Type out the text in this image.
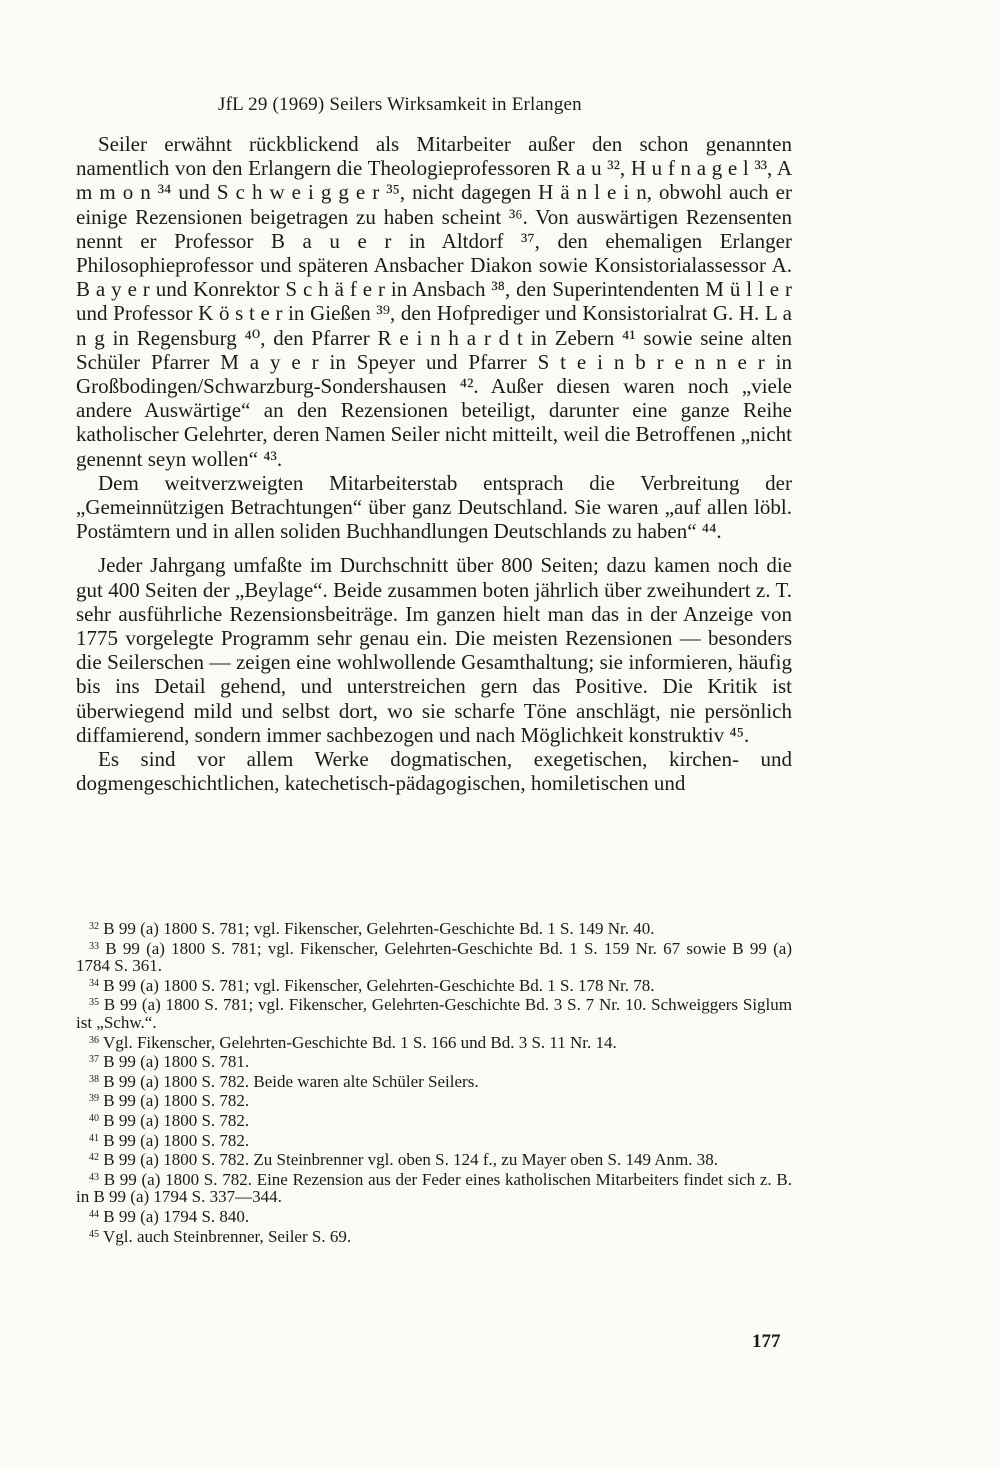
JfL 29 (1969) Seilers Wirksamkeit in Erlangen

Seiler erwähnt rückblickend als Mitarbeiter außer den schon genannten namentlich von den Erlangern die Theologieprofessoren R a u ³², H u f n a g e l ³³, A m m o n ³⁴ und S c h w e i g g e r ³⁵, nicht dagegen H ä n l e i n, obwohl auch er einige Rezensionen beigetragen zu haben scheint ³⁶. Von auswärtigen Rezensenten nennt er Professor B a u e r in Altdorf ³⁷, den ehemaligen Erlanger Philosophieprofessor und späteren Ansbacher Diakon sowie Konsistorialassessor A. B a y e r und Konrektor S c h ä f e r in Ansbach ³⁸, den Superintendenten M ü l l e r und Professor K ö s t e r in Gießen ³⁹, den Hofprediger und Konsistorialrat G. H. L a n g in Regensburg ⁴⁰, den Pfarrer R e i n h a r d t in Zebern ⁴¹ sowie seine alten Schüler Pfarrer M a y e r in Speyer und Pfarrer S t e i n b r e n n e r in Großbodingen/Schwarzburg-Sondershausen ⁴². Außer diesen waren noch „viele andere Auswärtige“ an den Rezensionen beteiligt, darunter eine ganze Reihe katholischer Gelehrter, deren Namen Seiler nicht mitteilt, weil die Betroffenen „nicht genennt seyn wollen“ ⁴³.

Dem weitverzweigten Mitarbeiterstab entsprach die Verbreitung der „Gemeinnützigen Betrachtungen“ über ganz Deutschland. Sie waren „auf allen löbl. Postämtern und in allen soliden Buchhandlungen Deutschlands zu haben“ ⁴⁴.

Jeder Jahrgang umfaßte im Durchschnitt über 800 Seiten; dazu kamen noch die gut 400 Seiten der „Beylage“. Beide zusammen boten jährlich über zweihundert z. T. sehr ausführliche Rezensionsbeiträge. Im ganzen hielt man das in der Anzeige von 1775 vorgelegte Programm sehr genau ein. Die meisten Rezensionen — besonders die Seilerschen — zeigen eine wohlwollende Gesamthaltung; sie informieren, häufig bis ins Detail gehend, und unterstreichen gern das Positive. Die Kritik ist überwiegend mild und selbst dort, wo sie scharfe Töne anschlägt, nie persönlich diffamierend, sondern immer sachbezogen und nach Möglichkeit konstruktiv ⁴⁵.

Es sind vor allem Werke dogmatischen, exegetischen, kirchen- und dogmengeschichtlichen, katechetisch-pädagogischen, homiletischen und

$^{32}$ B 99 (a) 1800 S. 781; vgl. Fikenscher, Gelehrten-Geschichte Bd. 1 S. 149 Nr. 40.

$^{33}$ B 99 (a) 1800 S. 781; vgl. Fikenscher, Gelehrten-Geschichte Bd. 1 S. 159 Nr. 67 sowie B 99 (a) 1784 S. 361.

$^{34}$ B 99 (a) 1800 S. 781; vgl. Fikenscher, Gelehrten-Geschichte Bd. 1 S. 178 Nr. 78.

$^{35}$ B 99 (a) 1800 S. 781; vgl. Fikenscher, Gelehrten-Geschichte Bd. 3 S. 7 Nr. 10. Schweiggers Siglum ist „Schw.“.

$^{36}$ Vgl. Fikenscher, Gelehrten-Geschichte Bd. 1 S. 166 und Bd. 3 S. 11 Nr. 14.

$^{37}$ B 99 (a) 1800 S. 781.

$^{38}$ B 99 (a) 1800 S. 782. Beide waren alte Schüler Seilers.

$^{39}$ B 99 (a) 1800 S. 782.

$^{40}$ B 99 (a) 1800 S. 782.

$^{41}$ B 99 (a) 1800 S. 782.

$^{42}$ B 99 (a) 1800 S. 782. Zu Steinbrenner vgl. oben S. 124 f., zu Mayer oben S. 149 Anm. 38.

$^{43}$ B 99 (a) 1800 S. 782. Eine Rezension aus der Feder eines katholischen Mitarbeiters findet sich z. B. in B 99 (a) 1794 S. 337—344.

$^{44}$ B 99 (a) 1794 S. 840.

$^{45}$ Vgl. auch Steinbrenner, Seiler S. 69.

177
